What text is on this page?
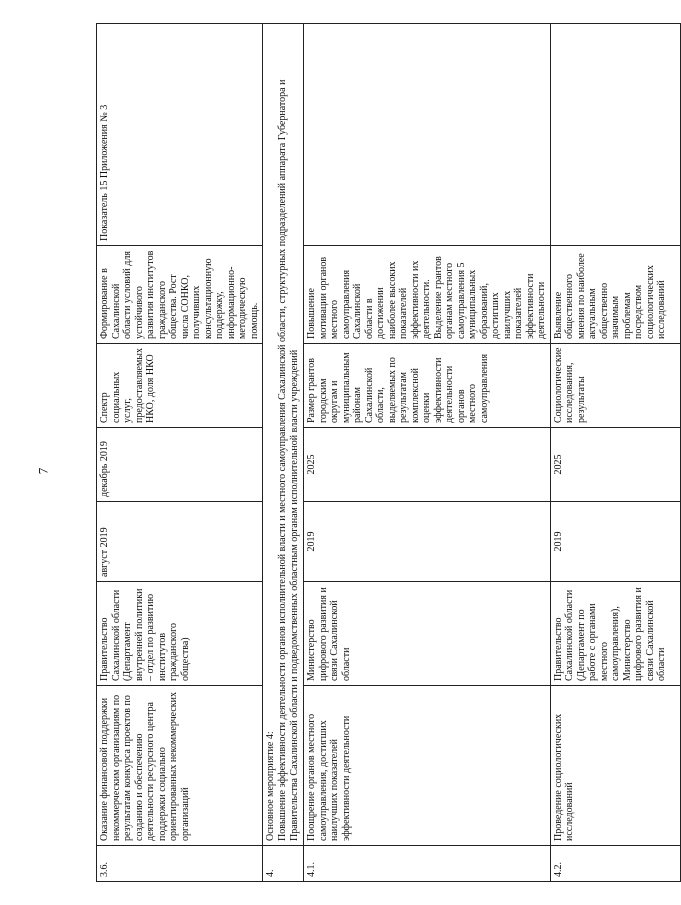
7
3.6.	Оказание финансовой поддержки некоммерческим организациям по результатам конкурса проектов по созданию и обеспечению деятельности ресурсного центра поддержки социально ориентированных некоммерческих организаций	Правительство Сахалинской области (Департамент внутренней политики – отдел по развитию институтов гражданского общества)	август 2019	декабрь 2019	Спектр социальных услуг, предоставляемых НКО, доля НКО	Формирование в Сахалинской области условий для устойчивого развития институтов гражданского общества. Рост числа СОНКО, получивших консультационную поддержку, информационно-методическую помощь.	Показатель 15 Приложения № 3
4.	Основное мероприятие 4: Повышение эффективности деятельности органов исполнительной власти и местного самоуправления Сахалинской области, структурных подразделений аппарата Губернатора и Правительства Сахалинской области и подведомственных областным органам исполнительной власти учреждений						

4.1.	Поощрение органов местного самоуправления, достигших наилучших показателей эффективности деятельности	Министерство цифрового развития и связи Сахалинской области	2019	2025	Размер грантов городским округам и муниципальным районам Сахалинской области, выделяемых по результатам комплексной оценки эффективности деятельности органов местного самоуправления	Повышение мотивации органов местного самоуправления Сахалинской области в достижении наиболее высоких показателей эффективности их деятельности. Выделение грантов органам местного самоуправления 5 муниципальных образований, достигших наилучших показателей эффективности деятельности	
4.2.	Проведение социологических исследований	Правительство Сахалинской области (Департамент по работе с органами местного самоуправления), Министерство цифрового развития и связи Сахалинской области	2019	2025	Социологические исследования, результаты	Выявление общественного мнения по наиболее актуальным общественно значимым проблемам посредством социологических исследований	
